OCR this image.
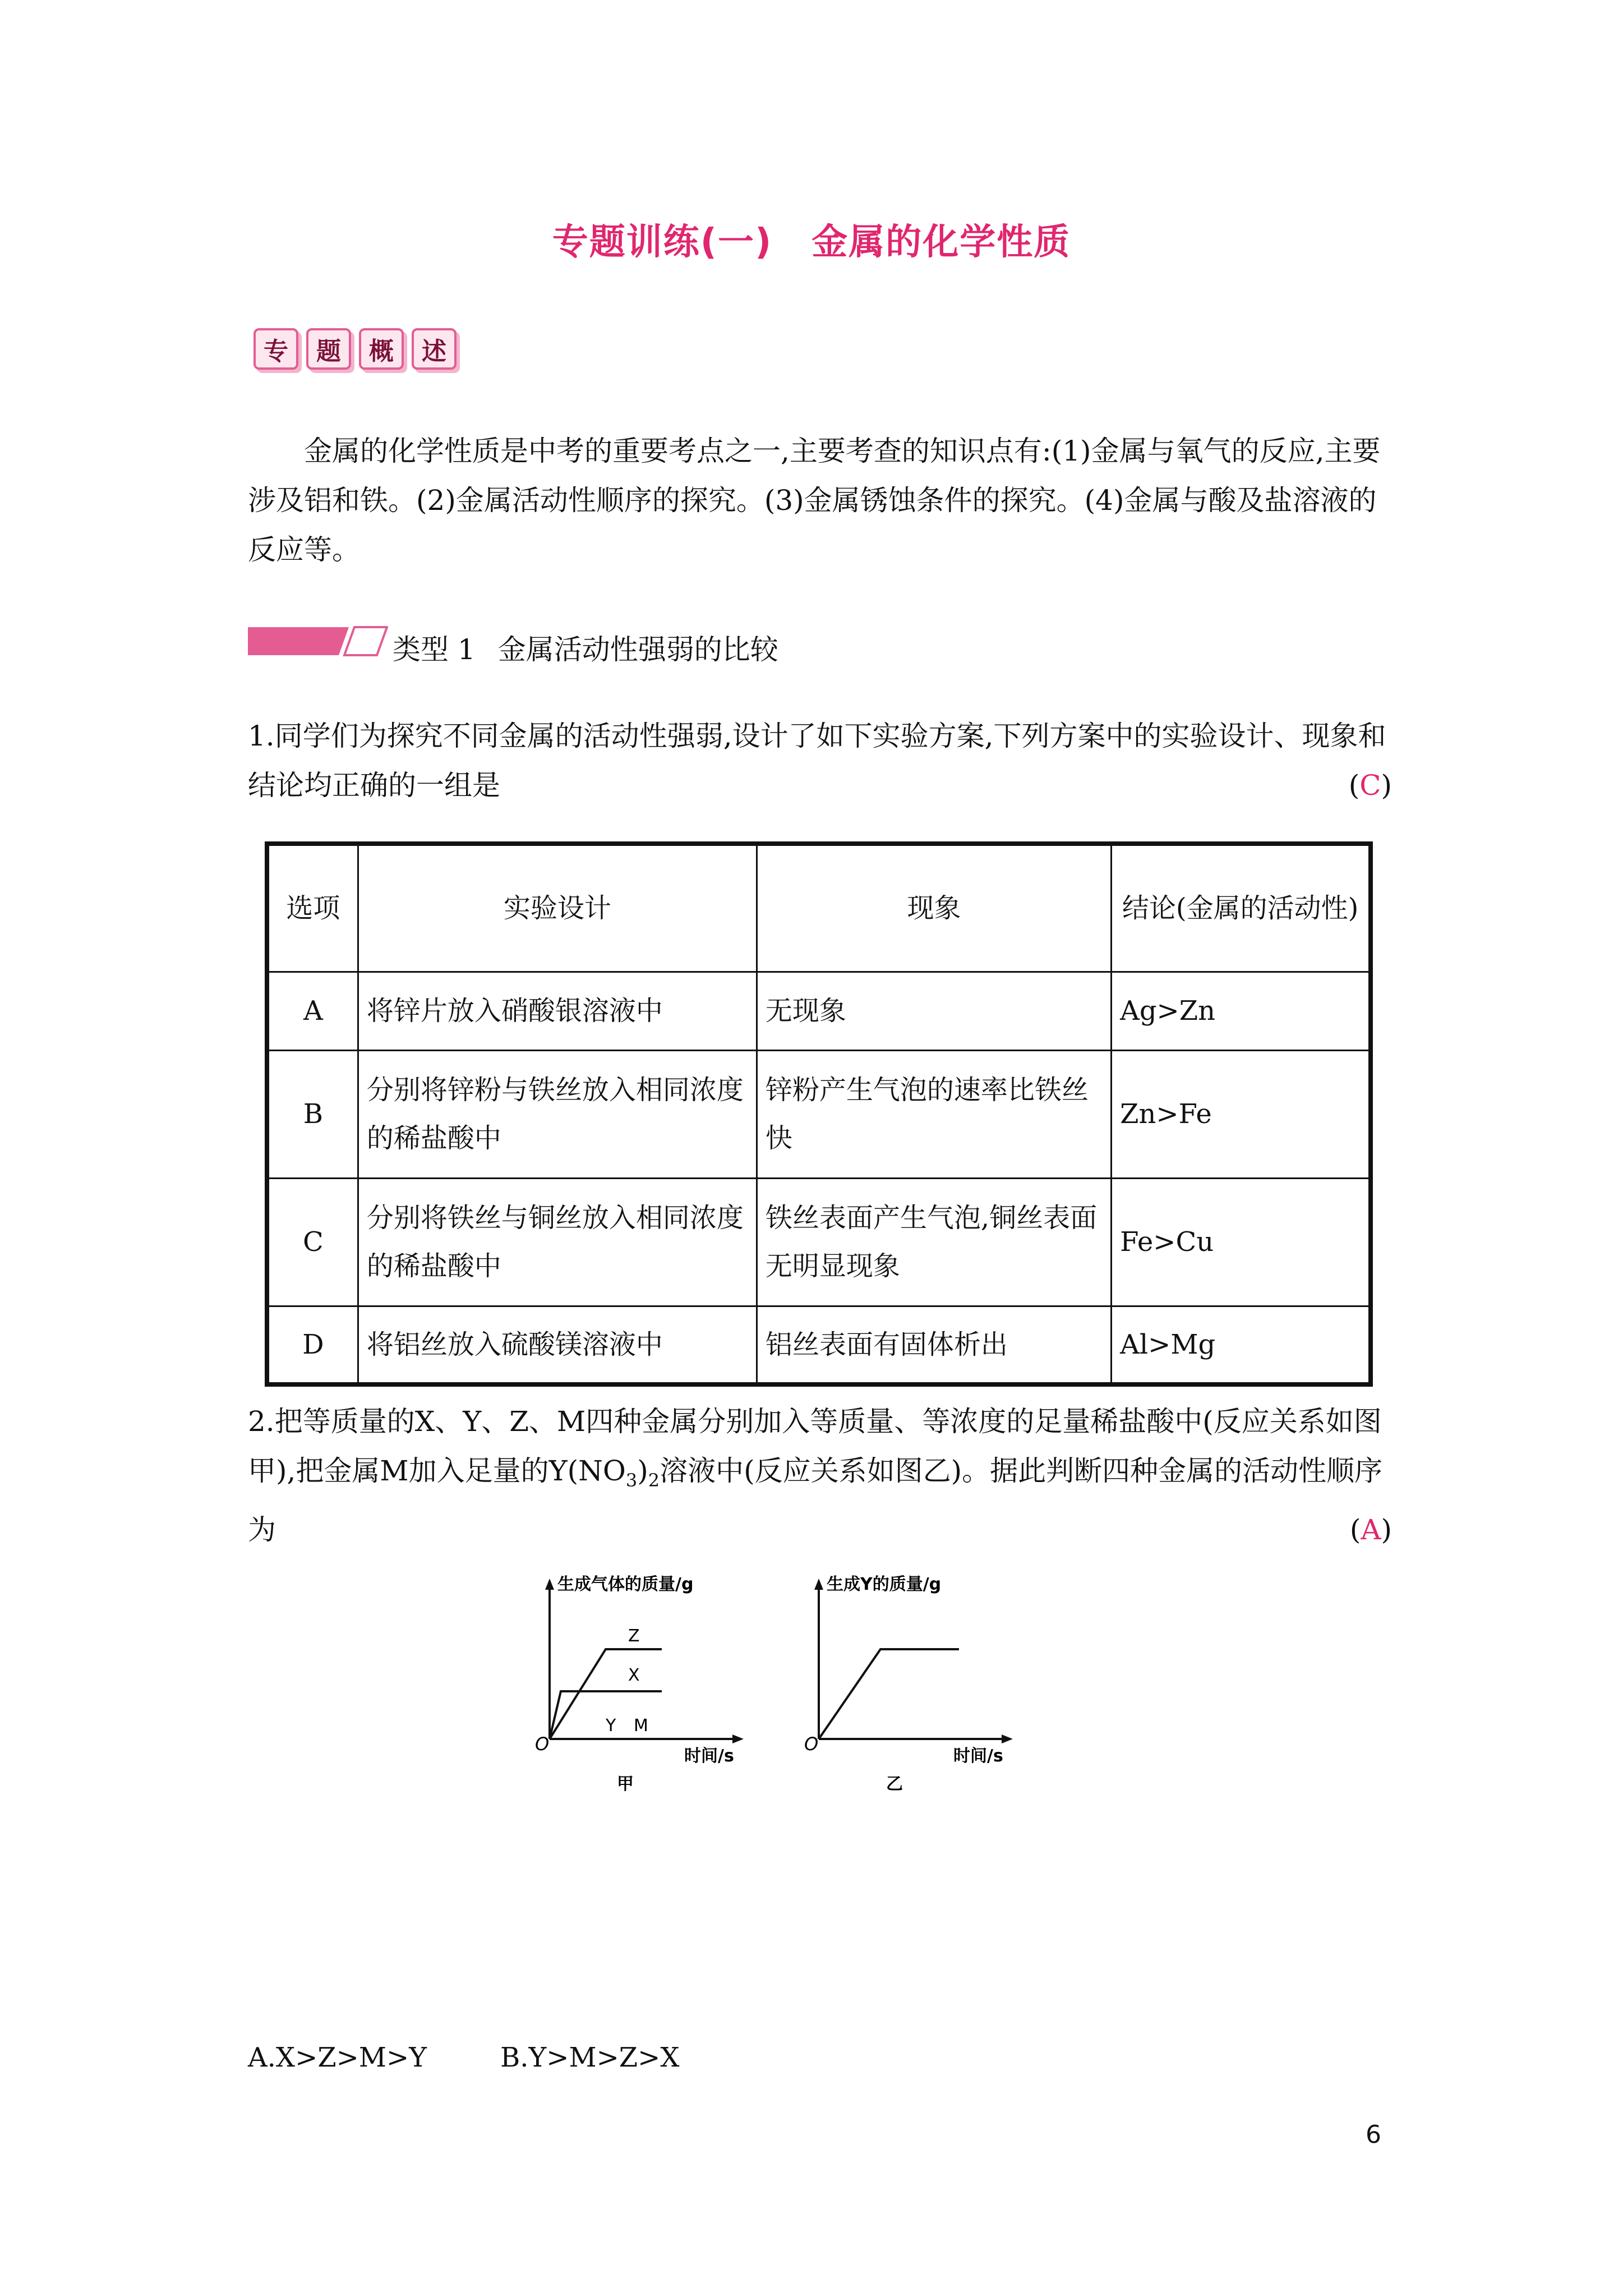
专题训练(一) 金属的化学性质
专	题	概	述
金属的化学性质是中考的重要考点之一,主要考查的知识点有:(1)金属与氧气的反应,主要涉及铝和铁。(2)金属活动性顺序的探究。(3)金属锈蚀条件的探究。(4)金属与酸及盐溶液的反应等。
类型 1 金属活动性强弱的比较
1.同学们为探究不同金属的活动性强弱,设计了如下实验方案,下列方案中的实验设计、现象和结论均正确的一组是	(C)
选项	实验设计	现象	结论(金属的活动性)
A	将锌片放入硝酸银溶液中	无现象	Ag>Zn
B	分别将锌粉与铁丝放入相同浓度的稀盐酸中	锌粉产生气泡的速率比铁丝快	Zn>Fe
C	分别将铁丝与铜丝放入相同浓度的稀盐酸中	铁丝表面产生气泡,铜丝表面无明显现象	Fe>Cu
D	将铝丝放入硫酸镁溶液中	铝丝表面有固体析出	Al>Mg
2.把等质量的X、Y、Z、M四种金属分别加入等质量、等浓度的足量稀盐酸中(反应关系如图甲),把金属M加入足量的$Y(NO_3)_2$溶液中(反应关系如图乙)。据此判断四种金属的活动性顺序为	(A)
生成气体的质量/g
时间/s
O
甲
Z
X
Y M
生成Y的质量/g
时间/s
O
乙
A.X>Z>M>Y	B.Y>M>Z>X
6
